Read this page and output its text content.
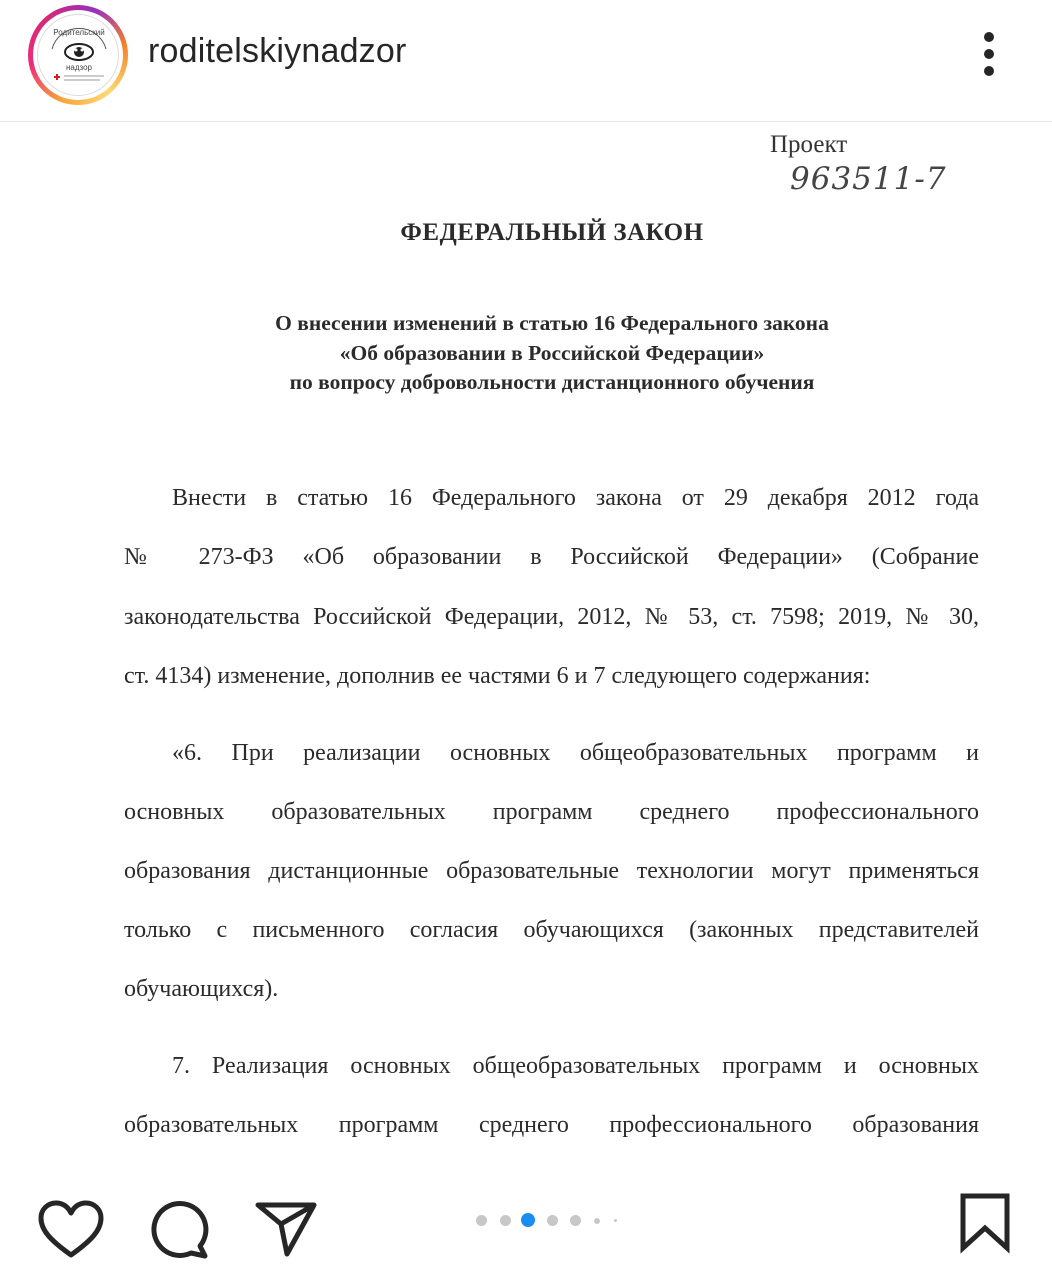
Родительский
надзор roditelskiynadzor
Проект
963511-7
ФЕДЕРАЛЬНЫЙ ЗАКОН
О внесении изменений в статью 16 Федерального закона
«Об образовании в Российской Федерации»
по вопросу добровольности дистанционного обучения
Внести в статью 16 Федерального закона от 29 декабря 2012 года
№ 273-ФЗ «Об образовании в Российской Федерации» (Собрание
законодательства Российской Федерации, 2012, № 53, ст. 7598; 2019, № 30,
ст. 4134) изменение, дополнив ее частями 6 и 7 следующего содержания:
«6. При реализации основных общеобразовательных программ и
основных образовательных программ среднего профессионального
образования дистанционные образовательные технологии могут применяться
только с письменного согласия обучающихся (законных представителей
обучающихся).
7. Реализация основных общеобразовательных программ и основных
образовательных программ среднего профессионального образования
